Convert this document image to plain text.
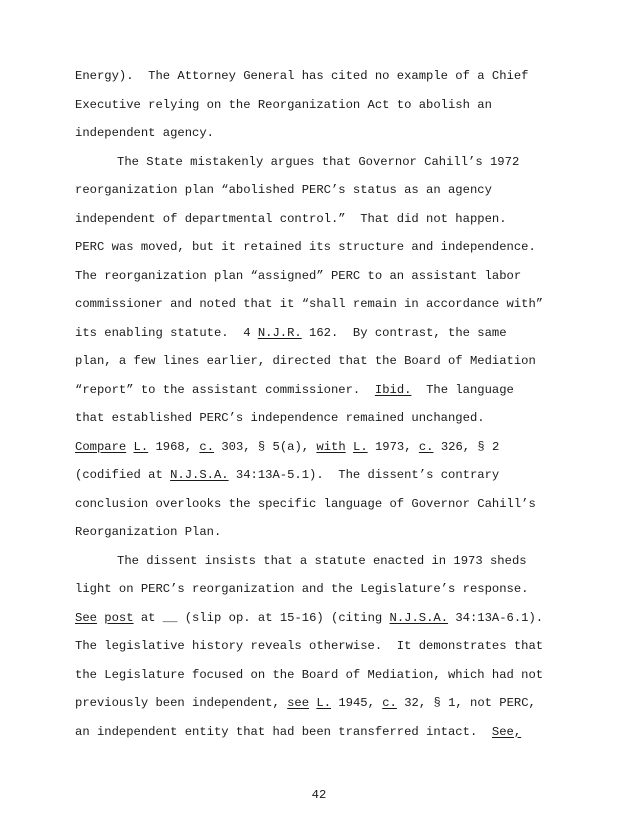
Energy).  The Attorney General has cited no example of a Chief
Executive relying on the Reorganization Act to abolish an
independent agency.
The State mistakenly argues that Governor Cahill’s 1972
reorganization plan “abolished PERC’s status as an agency
independent of departmental control.”  That did not happen.
PERC was moved, but it retained its structure and independence.
The reorganization plan “assigned” PERC to an assistant labor
commissioner and noted that it “shall remain in accordance with”
its enabling statute.  4 N.J.R. 162.  By contrast, the same
plan, a few lines earlier, directed that the Board of Mediation
“report” to the assistant commissioner.  Ibid.  The language
that established PERC’s independence remained unchanged.
Compare L. 1968, c. 303, § 5(a), with L. 1973, c. 326, § 2
(codified at N.J.S.A. 34:13A-5.1).  The dissent’s contrary
conclusion overlooks the specific language of Governor Cahill’s
Reorganization Plan.
The dissent insists that a statute enacted in 1973 sheds
light on PERC’s reorganization and the Legislature’s response.
See post at __ (slip op. at 15-16) (citing N.J.S.A. 34:13A-6.1).
The legislative history reveals otherwise.  It demonstrates that
the Legislature focused on the Board of Mediation, which had not
previously been independent, see L. 1945, c. 32, § 1, not PERC,
an independent entity that had been transferred intact.  See,
42
